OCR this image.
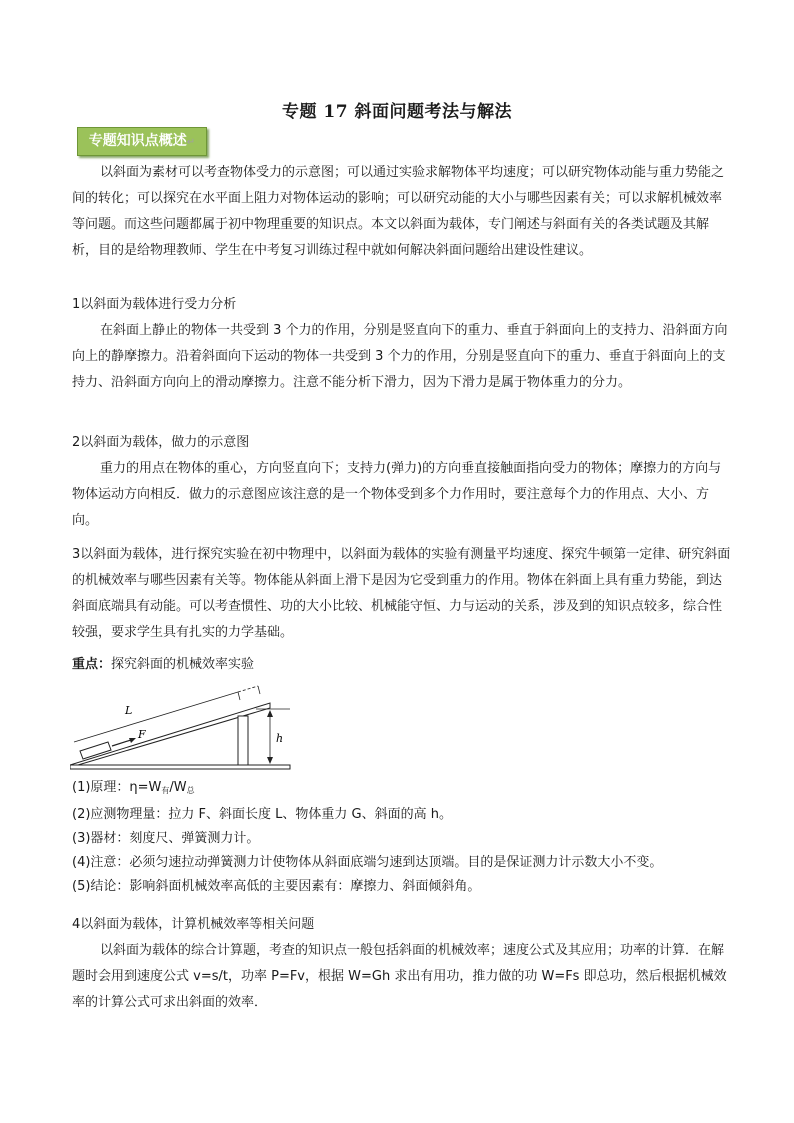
专题 17 斜面问题考法与解法
专题知识点概述↵
以斜面为素材可以考查物体受力的示意图；可以通过实验求解物体平均速度；可以研究物体动能与重力势能之间的转化；可以探究在水平面上阻力对物体运动的影响；可以研究动能的大小与哪些因素有关；可以求解机械效率等问题。而这些问题都属于初中物理重要的知识点。本文以斜面为载体，专门阐述与斜面有关的各类试题及其解析，目的是给物理教师、学生在中考复习训练过程中就如何解决斜面问题给出建设性建议。
1以斜面为载体进行受力分析
在斜面上静止的物体一共受到 3 个力的作用，分别是竖直向下的重力、垂直于斜面向上的支持力、沿斜面方向向上的静摩擦力。沿着斜面向下运动的物体一共受到 3 个力的作用，分别是竖直向下的重力、垂直于斜面向上的支持力、沿斜面方向向上的滑动摩擦力。注意不能分析下滑力，因为下滑力是属于物体重力的分力。
2以斜面为载体，做力的示意图
重力的用点在物体的重心，方向竖直向下；支持力(弹力)的方向垂直接触面指向受力的物体；摩擦力的方向与物体运动方向相反．做力的示意图应该注意的是一个物体受到多个力作用时，要注意每个力的作用点、大小、方向。
3以斜面为载体，进行探究实验在初中物理中，以斜面为载体的实验有测量平均速度、探究牛顿第一定律、研究斜面的机械效率与哪些因素有关等。物体能从斜面上滑下是因为它受到重力的作用。物体在斜面上具有重力势能，到达斜面底端具有动能。可以考查惯性、功的大小比较、机械能守恒、力与运动的关系，涉及到的知识点较多，综合性较强，要求学生具有扎实的力学基础。
重点：探究斜面的机械效率实验
L
F	h
(1)原理：$\eta=W_有/W_总$
(2)应测物理量：拉力 F、斜面长度 L、物体重力 G、斜面的高 h。
(3)器材：刻度尺、弹簧测力计。
(4)注意：必须匀速拉动弹簧测力计使物体从斜面底端匀速到达顶端。目的是保证测力计示数大小不变。
(5)结论：影响斜面机械效率高低的主要因素有：摩擦力、斜面倾斜角。
4以斜面为载体，计算机械效率等相关问题
以斜面为载体的综合计算题，考查的知识点一般包括斜面的机械效率；速度公式及其应用；功率的计算．在解题时会用到速度公式 v=s/t，功率 P=Fv，根据 W=Gh 求出有用功，推力做的功 W=Fs 即总功，然后根据机械效率的计算公式可求出斜面的效率．
